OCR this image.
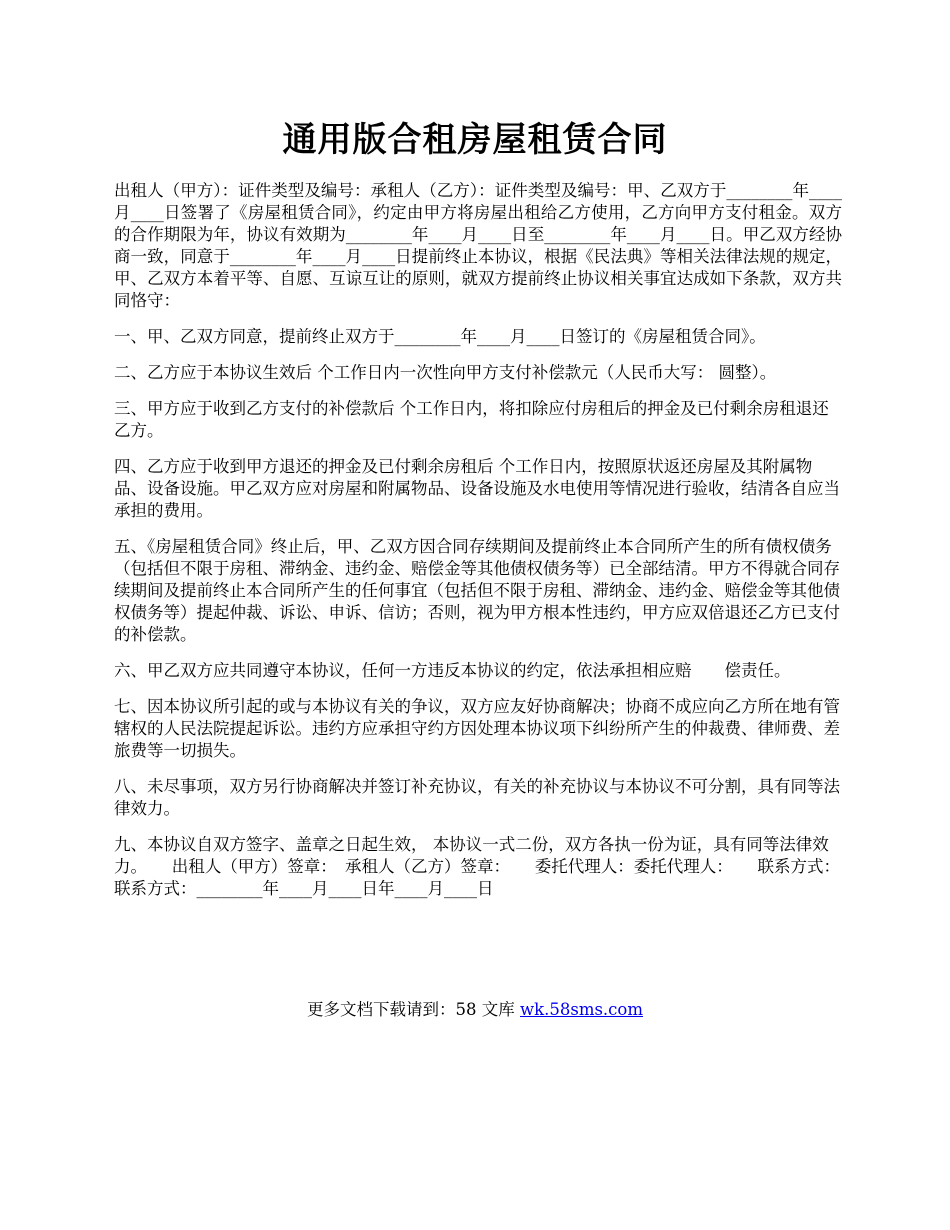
通用版合租房屋租赁合同

出租人（甲方）：证件类型及编号：承租人（乙方）：证件类型及编号：甲、乙双方于________年____月____日签署了《房屋租赁合同》，约定由甲方将房屋出租给乙方使用，乙方向甲方支付租金。双方的合作期限为年，协议有效期为________年____月____日至________年____月____日。甲乙双方经协商一致，同意于________年____月____日提前终止本协议，根据《民法典》等相关法律法规的规定，甲、乙双方本着平等、自愿、互谅互让的原则，就双方提前终止协议相关事宜达成如下条款，双方共同恪守：

一、甲、乙双方同意，提前终止双方于________年____月____日签订的《房屋租赁合同》。

二、乙方应于本协议生效后 个工作日内一次性向甲方支付补偿款元（人民币大写： 圆整）。

三、甲方应于收到乙方支付的补偿款后 个工作日内，将扣除应付房租后的押金及已付剩余房租退还乙方。

四、乙方应于收到甲方退还的押金及已付剩余房租后 个工作日内，按照原状返还房屋及其附属物品、设备设施。甲乙双方应对房屋和附属物品、设备设施及水电使用等情况进行验收，结清各自应当承担的费用。

五、《房屋租赁合同》终止后，甲、乙双方因合同存续期间及提前终止本合同所产生的所有债权债务（包括但不限于房租、滞纳金、违约金、赔偿金等其他债权债务等）已全部结清。甲方不得就合同存续期间及提前终止本合同所产生的任何事宜（包括但不限于房租、滞纳金、违约金、赔偿金等其他债权债务等）提起仲裁、诉讼、申诉、信访；否则，视为甲方根本性违约，甲方应双倍退还乙方已支付的补偿款。

六、甲乙双方应共同遵守本协议，任何一方违反本协议的约定，依法承担相应赔　　偿责任。

七、因本协议所引起的或与本协议有关的争议，双方应友好协商解决；协商不成应向乙方所在地有管辖权的人民法院提起诉讼。违约方应承担守约方因处理本协议项下纠纷所产生的仲裁费、律师费、差旅费等一切损失。

八、未尽事项，双方另行协商解决并签订补充协议，有关的补充协议与本协议不可分割，具有同等法律效力。

九、本协议自双方签字、盖章之日起生效， 本协议一式二份，双方各执一份为证，具有同等法律效力。　　出租人（甲方）签章：　承租人（乙方）签章：　　委托代理人：委托代理人：　　联系方式：联系方式：________年____月____日年____月____日

更多文档下载请到：58 文库 wk.58sms.com
